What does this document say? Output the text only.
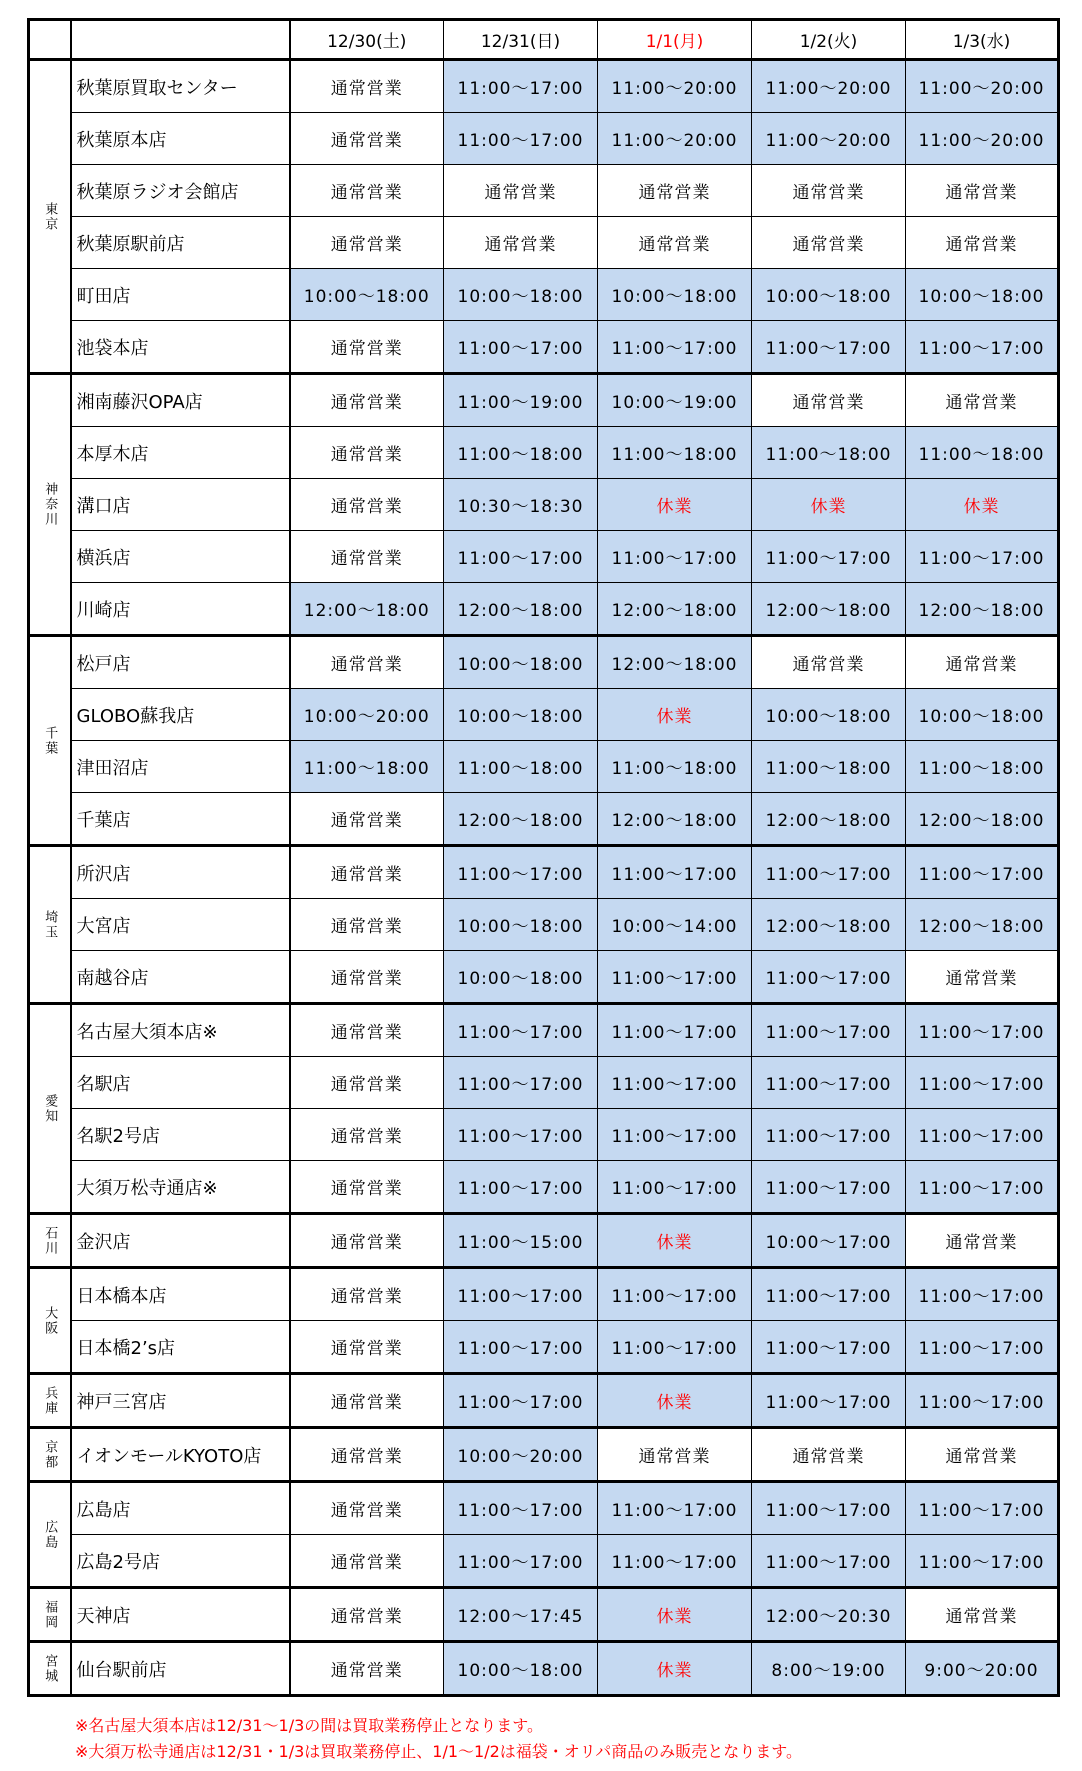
		12/30(土)	12/31(日)	1/1(月)	1/2(火)	1/3(水)
東京	秋葉原買取センター	通常営業	11:00〜17:00	11:00〜20:00	11:00〜20:00	11:00〜20:00
	秋葉原本店	通常営業	11:00〜17:00	11:00〜20:00	11:00〜20:00	11:00〜20:00
	秋葉原ラジオ会館店	通常営業	通常営業	通常営業	通常営業	通常営業
	秋葉原駅前店	通常営業	通常営業	通常営業	通常営業	通常営業
	町田店	10:00〜18:00	10:00〜18:00	10:00〜18:00	10:00〜18:00	10:00〜18:00
	池袋本店	通常営業	11:00〜17:00	11:00〜17:00	11:00〜17:00	11:00〜17:00
神奈川	湘南藤沢OPA店	通常営業	11:00〜19:00	10:00〜19:00	通常営業	通常営業
	本厚木店	通常営業	11:00〜18:00	11:00〜18:00	11:00〜18:00	11:00〜18:00
	溝口店	通常営業	10:30〜18:30	休業	休業	休業
	横浜店	通常営業	11:00〜17:00	11:00〜17:00	11:00〜17:00	11:00〜17:00
	川崎店	12:00〜18:00	12:00〜18:00	12:00〜18:00	12:00〜18:00	12:00〜18:00
千葉	松戸店	通常営業	10:00〜18:00	12:00〜18:00	通常営業	通常営業
	GLOBO蘇我店	10:00〜20:00	10:00〜18:00	休業	10:00〜18:00	10:00〜18:00
	津田沼店	11:00〜18:00	11:00〜18:00	11:00〜18:00	11:00〜18:00	11:00〜18:00
	千葉店	通常営業	12:00〜18:00	12:00〜18:00	12:00〜18:00	12:00〜18:00
埼玉	所沢店	通常営業	11:00〜17:00	11:00〜17:00	11:00〜17:00	11:00〜17:00
	大宮店	通常営業	10:00〜18:00	10:00〜14:00	12:00〜18:00	12:00〜18:00
	南越谷店	通常営業	10:00〜18:00	11:00〜17:00	11:00〜17:00	通常営業
愛知	名古屋大須本店※	通常営業	11:00〜17:00	11:00〜17:00	11:00〜17:00	11:00〜17:00
	名駅店	通常営業	11:00〜17:00	11:00〜17:00	11:00〜17:00	11:00〜17:00
	名駅2号店	通常営業	11:00〜17:00	11:00〜17:00	11:00〜17:00	11:00〜17:00
	大須万松寺通店※	通常営業	11:00〜17:00	11:00〜17:00	11:00〜17:00	11:00〜17:00
石川	金沢店	通常営業	11:00〜15:00	休業	10:00〜17:00	通常営業
大阪	日本橋本店	通常営業	11:00〜17:00	11:00〜17:00	11:00〜17:00	11:00〜17:00
	日本橋2’s店	通常営業	11:00〜17:00	11:00〜17:00	11:00〜17:00	11:00〜17:00
兵庫	神戸三宮店	通常営業	11:00〜17:00	休業	11:00〜17:00	11:00〜17:00
京都	イオンモールKYOTO店	通常営業	10:00〜20:00	通常営業	通常営業	通常営業
広島	広島店	通常営業	11:00〜17:00	11:00〜17:00	11:00〜17:00	11:00〜17:00
	広島2号店	通常営業	11:00〜17:00	11:00〜17:00	11:00〜17:00	11:00〜17:00
福岡	天神店	通常営業	12:00〜17:45	休業	12:00〜20:30	通常営業
宮城	仙台駅前店	通常営業	10:00〜18:00	休業	8:00〜19:00	9:00〜20:00
※名古屋大須本店は12/31〜1/3の間は買取業務停止となります。
※大須万松寺通店は12/31・1/3は買取業務停止、1/1〜1/2は福袋・オリパ商品のみ販売となります。
